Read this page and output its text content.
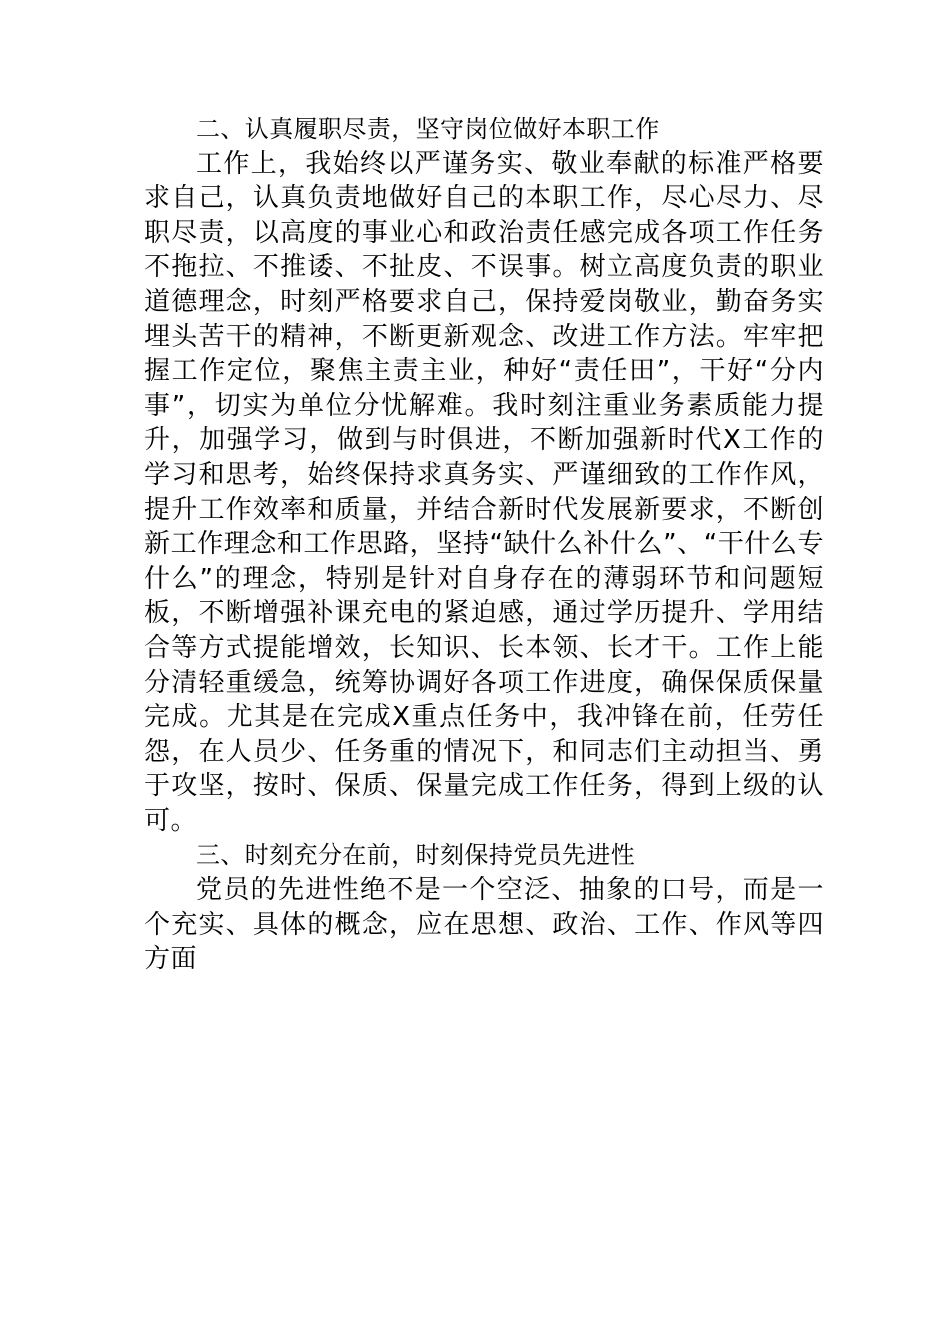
二、认真履职尽责，坚守岗位做好本职工作

工作上，我始终以严谨务实、敬业奉献的标准严格要求自己，认真负责地做好自己的本职工作，尽心尽力、尽职尽责，以高度的事业心和政治责任感完成各项工作任务不拖拉、不推诿、不扯皮、不误事。树立高度负责的职业道德理念，时刻严格要求自己，保持爱岗敬业，勤奋务实埋头苦干的精神，不断更新观念、改进工作方法。牢牢把握工作定位，聚焦主责主业，种好“责任田”，干好“分内事”，切实为单位分忧解难。我时刻注重业务素质能力提升，加强学习，做到与时俱进，不断加强新时代X工作的学习和思考，始终保持求真务实、严谨细致的工作作风，提升工作效率和质量，并结合新时代发展新要求，不断创新工作理念和工作思路，坚持“缺什么补什么”、“干什么专什么”的理念，特别是针对自身存在的薄弱环节和问题短板，不断增强补课充电的紧迫感，通过学历提升、学用结合等方式提能增效，长知识、长本领、长才干。工作上能分清轻重缓急，统筹协调好各项工作进度，确保保质保量完成。尤其是在完成X重点任务中，我冲锋在前，任劳任怨，在人员少、任务重的情况下，和同志们主动担当、勇于攻坚，按时、保质、保量完成工作任务，得到上级的认可。

三、时刻充分在前，时刻保持党员先进性

党员的先进性绝不是一个空泛、抽象的口号，而是一个充实、具体的概念，应在思想、政治、工作、作风等四方面
